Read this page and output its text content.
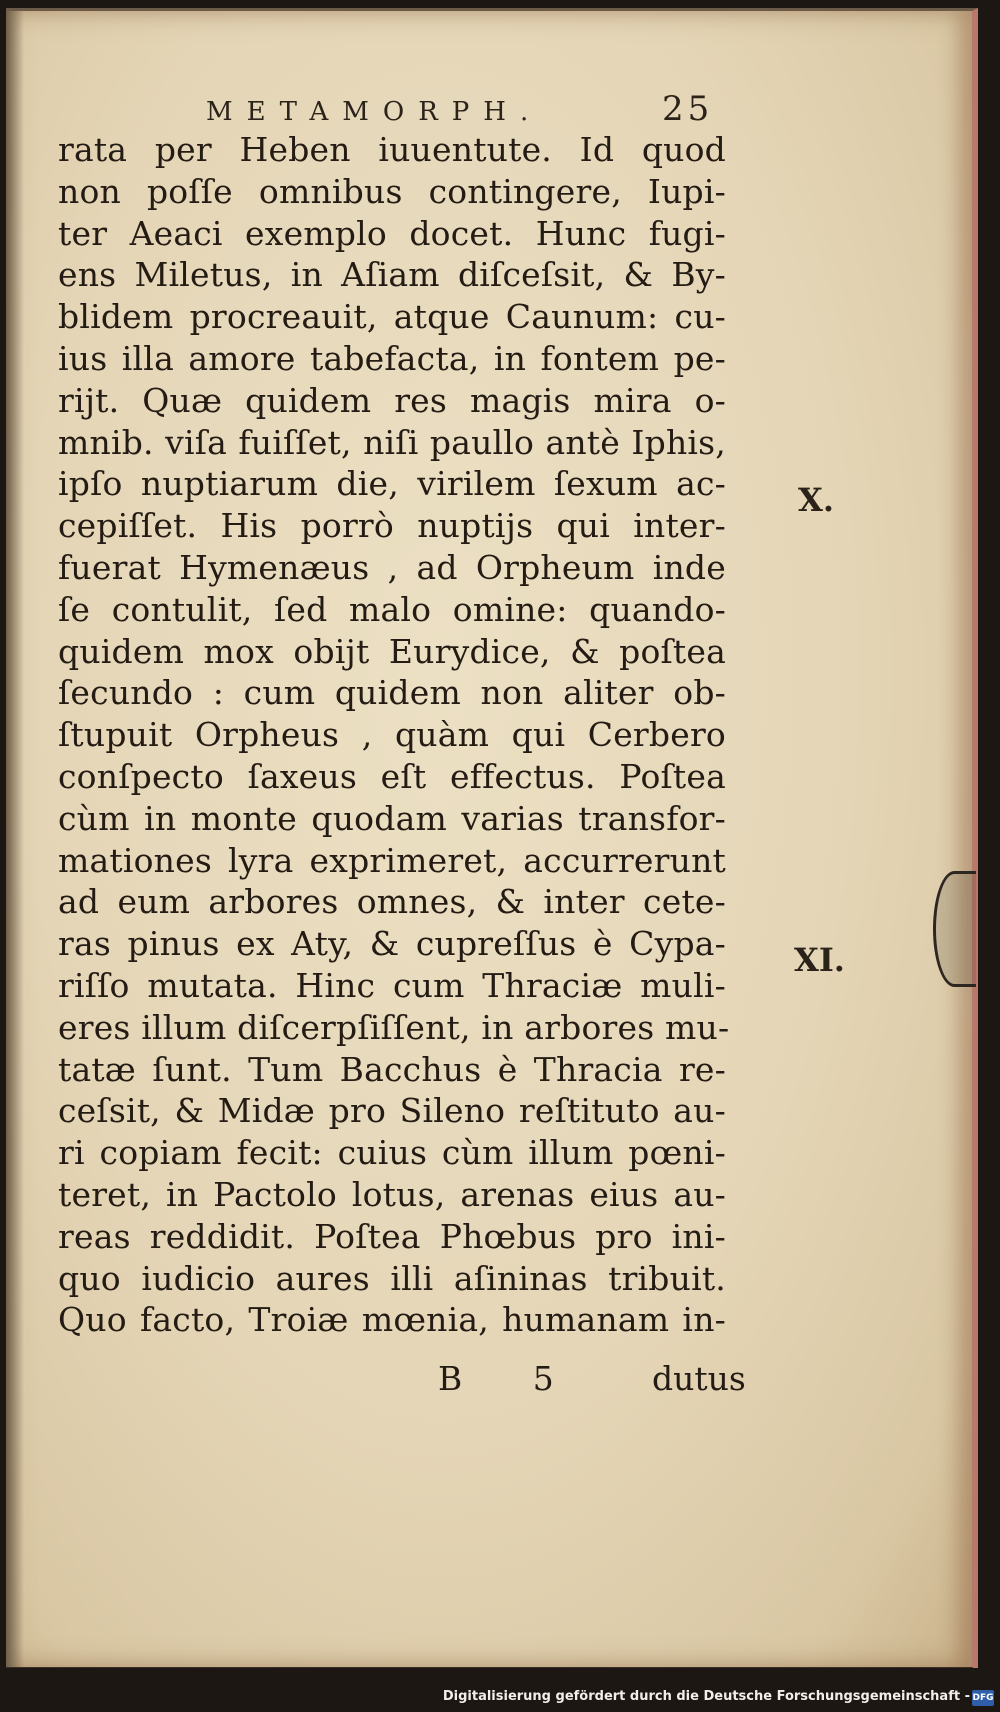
METAMORPH.	25
rata per Heben iuuentute. Id quod
non poſſe omnibus contingere, Iupi-
ter Aeaci exemplo docet. Hunc fugi-
ens Miletus, in Aſiam diſceſsit, & By-
blidem procreauit, atque Caunum: cu-
ius illa amore tabefacta, in fontem pe-
rijt. Quæ quidem res magis mira o-
mnib. viſa fuiſſet, niſi paullo antè Iphis,
ipſo nuptiarum die, virilem ſexum ac-
cepiſſet. His porrò nuptijs qui inter-
fuerat Hymenæus , ad Orpheum inde
ſe contulit, ſed malo omine: quando-
quidem mox obijt Eurydice, & poſtea
ſecundo : cum quidem non aliter ob-
ſtupuit Orpheus , quàm qui Cerbero
conſpecto ſaxeus eſt effectus. Poſtea
cùm in monte quodam varias transfor-
mationes lyra exprimeret, accurrerunt
ad eum arbores omnes, & inter cete-
ras pinus ex Aty, & cupreſſus è Cypa-
riſſo mutata. Hinc cum Thraciæ muli-
eres illum diſcerpſiſſent, in arbores mu-
tatæ ſunt. Tum Bacchus è Thracia re-
ceſsit, & Midæ pro Sileno reſtituto au-
ri copiam fecit: cuius cùm illum pœni-
teret, in Pactolo lotus, arenas eius au-
reas reddidit. Poſtea Phœbus pro ini-
quo iudicio aures illi aſininas tribuit.
Quo facto, Troiæ mœnia, humanam in-
X.
XI.
B 5 dutus
Digitalisierung gefördert durch die Deutsche Forschungsgemeinschaft - DFG
